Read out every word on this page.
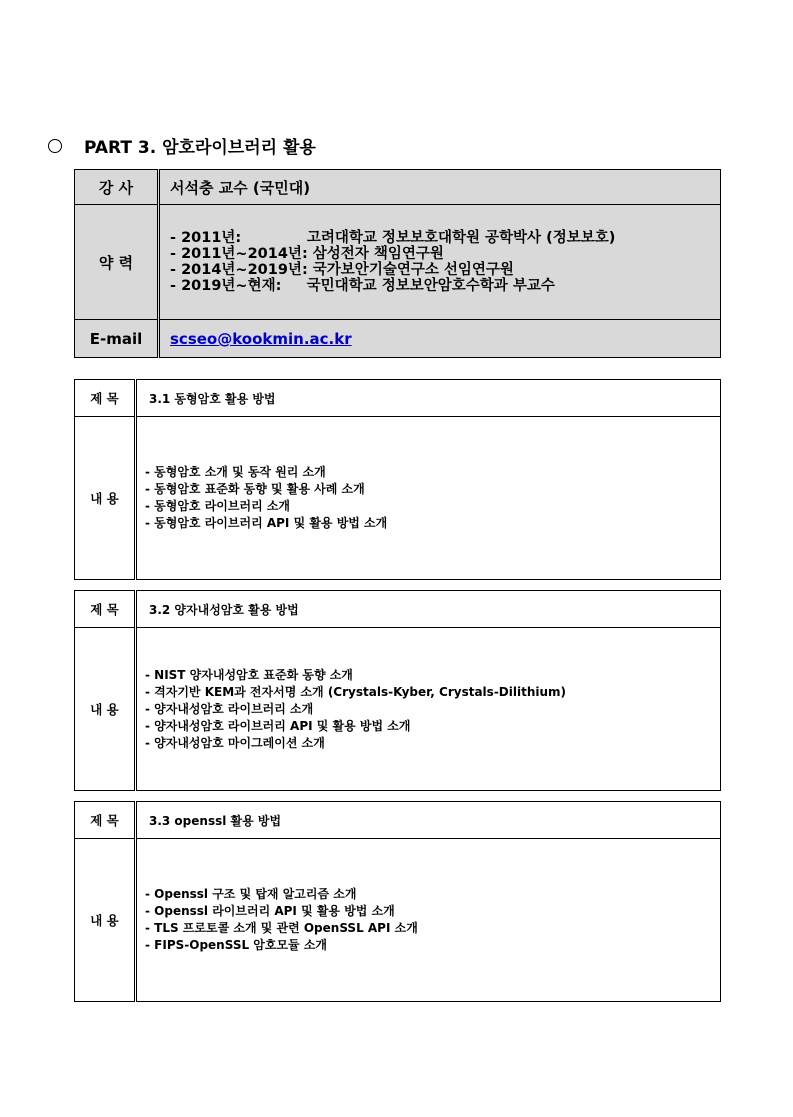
PART 3. 암호라이브러리 활용
강 사	서석충 교수 (국민대)
약 력	- 2011년:             고려대학교 정보보호대학원 공학박사 (정보보호)
- 2011년~2014년: 삼성전자 책임연구원
- 2014년~2019년: 국가보안기술연구소 선임연구원
- 2019년~현재:     국민대학교 정보보안암호수학과 부교수

E-mail	scseo@kookmin.ac.kr
제 목	3.1 동형암호 활용 방법
내 용	- 동형암호 소개 및 동작 원리 소개
- 동형암호 표준화 동향 및 활용 사례 소개
- 동형암호 라이브러리 소개
- 동형암호 라이브러리 API 및 활용 방법 소개
제 목	3.2 양자내성암호 활용 방법
내 용	- NIST 양자내성암호 표준화 동향 소개
- 격자기반 KEM과 전자서명 소개 (Crystals-Kyber, Crystals-Dilithium)
- 양자내성암호 라이브러리 소개
- 양자내성암호 라이브러리 API 및 활용 방법 소개
- 양자내성암호 마이그레이션 소개
제 목	3.3 openssl 활용 방법
내 용	- Openssl 구조 및 탑재 알고리즘 소개
- Openssl 라이브러리 API 및 활용 방법 소개
- TLS 프로토콜 소개 및 관련 OpenSSL API 소개
- FIPS-OpenSSL 암호모듈 소개
